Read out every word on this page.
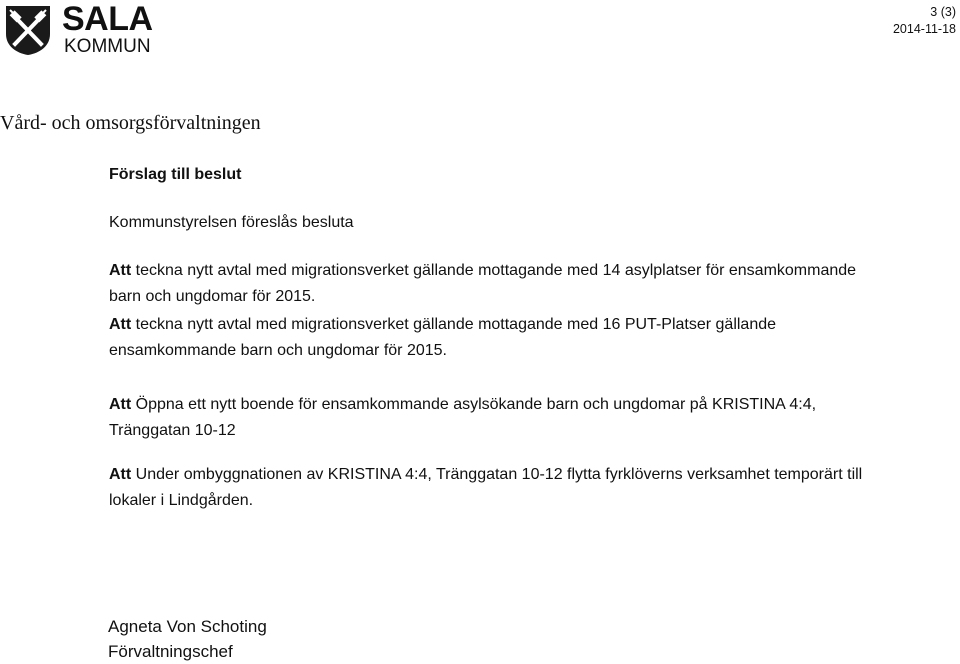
SALA
KOMMUN
3 (3)
2014-11-18
Vård- och omsorgsförvaltningen

Förslag till beslut

Kommunstyrelsen föreslås besluta

Att teckna nytt avtal med migrationsverket gällande mottagande med 14 asylplatser för ensamkommande barn och ungdomar för 2015.

Att teckna nytt avtal med migrationsverket gällande mottagande med 16 PUT-Platser gällande ensamkommande barn och ungdomar för 2015.

Att Öppna ett nytt boende för ensamkommande asylsökande barn och ungdomar på KRISTINA 4:4, Tränggatan 10-12

Att Under ombyggnationen av KRISTINA 4:4, Tränggatan 10-12 flytta fyrklöverns verksamhet temporärt till lokaler i Lindgården.

Agneta Von Schoting
Förvaltningschef
